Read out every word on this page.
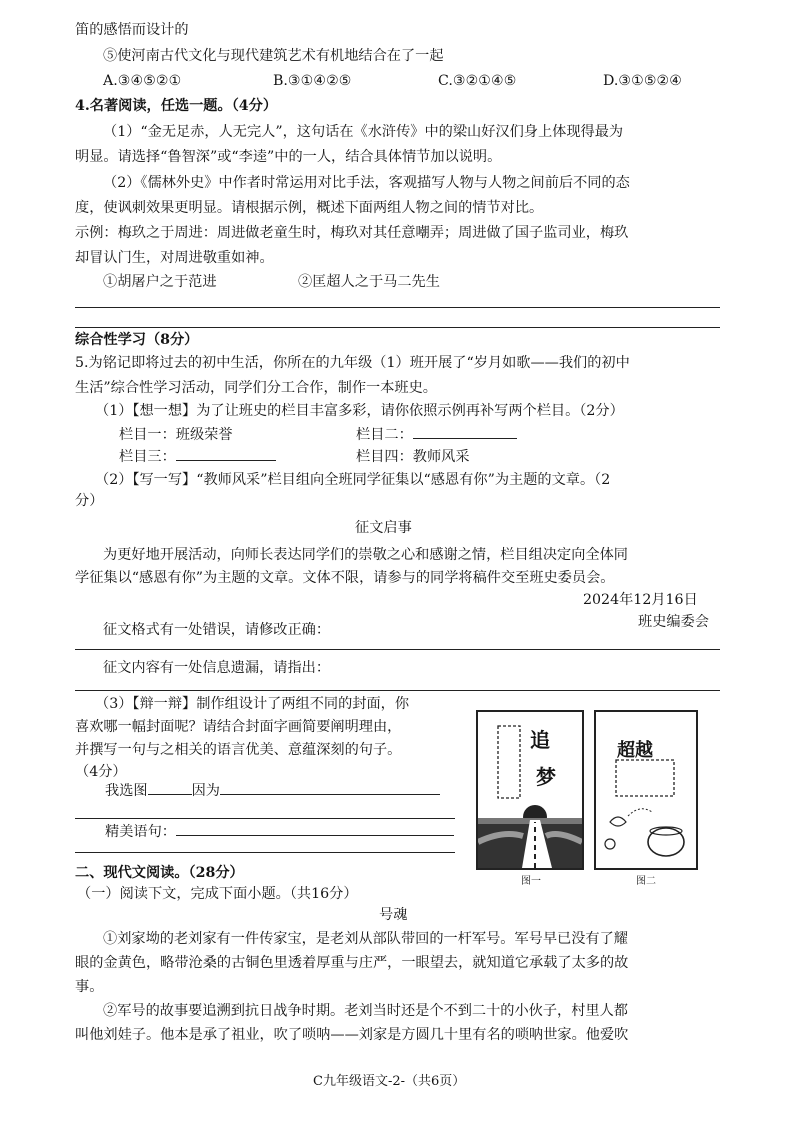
笛的感悟而设计的
⑤使河南古代文化与现代建筑艺术有机地结合在了一起
A.③④⑤②①	B.③①④②⑤	C.③②①④⑤	D.③①⑤②④
4.名著阅读，任选一题。（4分）
（1）“金无足赤，人无完人”，这句话在《水浒传》中的梁山好汉们身上体现得最为
明显。请选择“鲁智深”或“李逵”中的一人，结合具体情节加以说明。
（2）《儒林外史》中作者时常运用对比手法，客观描写人物与人物之间前后不同的态
度，使讽刺效果更明显。请根据示例，概述下面两组人物之间的情节对比。
示例：梅玖之于周进：周进做老童生时，梅玖对其任意嘲弄；周进做了国子监司业，梅玖
却冒认门生，对周进敬重如神。
①胡屠户之于范进	②匡超人之于马二先生
综合性学习（8分）
5.为铭记即将过去的初中生活，你所在的九年级（1）班开展了“岁月如歌——我们的初中
生活”综合性学习活动，同学们分工合作，制作一本班史。
（1）【想一想】为了让班史的栏目丰富多彩，请你依照示例再补写两个栏目。（2分）
栏目一：班级荣誉	栏目二：
栏目三：	栏目四：教师风采
（2）【写一写】“教师风采”栏目组向全班同学征集以“感恩有你”为主题的文章。（2
分）
征文启事
为更好地开展活动，向师长表达同学们的崇敬之心和感谢之情，栏目组决定向全体同
学征集以“感恩有你”为主题的文章。文体不限，请参与的同学将稿件交至班史委员会。
2024年12月16日
班史编委会
征文格式有一处错误，请修改正确：
征文内容有一处信息遗漏，请指出：
（3）【辩一辩】制作组设计了两组不同的封面，你
喜欢哪一幅封面呢？请结合封面字画简要阐明理由，
并撰写一句与之相关的语言优美、意蕴深刻的句子。
（4分）
我选图	因为
精美语句：
追
梦
图一
超越
图二
二、现代文阅读。（28分）
（一）阅读下文，完成下面小题。（共16分）
号魂
①刘家坳的老刘家有一件传家宝，是老刘从部队带回的一杆军号。军号早已没有了耀
眼的金黄色，略带沧桑的古铜色里透着厚重与庄严，一眼望去，就知道它承载了太多的故
事。
②军号的故事要追溯到抗日战争时期。老刘当时还是个不到二十的小伙子，村里人都
叫他刘娃子。他本是承了祖业，吹了唢呐——刘家是方圆几十里有名的唢呐世家。他爱吹
C九年级语文-2-（共6页）
